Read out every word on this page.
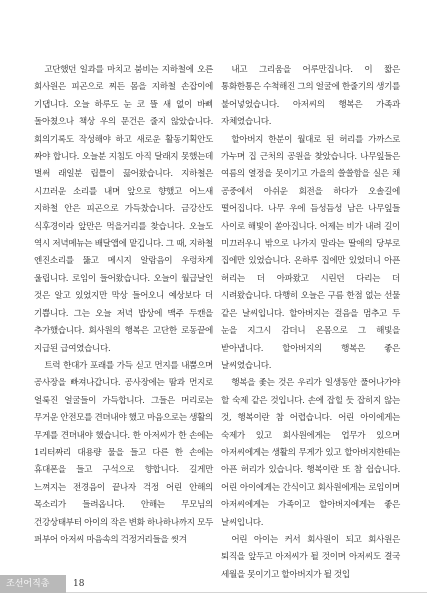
고단했던 일과를 마치고 붐비는 지하철에 오른 회사원은 피곤으로 찌든 몸을 지하철 손잡이에 기댑니다. 오늘 하루도 눈 코 뜰 새 없이 바삐 돌아쳤으나 책상 우의 문건은 줄지 않았습니다. 회의기록도 작성해야 하고 새로운 활동기획안도 짜야 합니다. 오늘분 지침도 아직 달래지 못했는데 벌써 래일분 립틀이 끓어왔습니다. 지하철은 시끄러운 소리를 내며 앞으로 향했고 어느새 지하철 안은 피곤으로 가득찼습니다. 금강산도 식후경이라 앞만은 먹을거리를 찾습니다. 오늘도 역시 저녁메뉴는 배달앱에 맡깁니다. 그 때, 지하철 엔진소리를 뚫고 메시지 알람음이 우렁차게 울립니다. 로임이 들어왔습니다. 오늘이 월급날인 것은 알고 있었지만 막상 들어오니 예상보다 더 기쁩니다. 그는 오늘 저녁 밥상에 맥주 두캔을 추가했습니다. 회사원의 행복은 고단한 로동끝에 지급된 급여였습니다.

트럭 한대가 포래를 가득 싣고 먼지를 내뿜으며 공사장을 빠져나갑니다. 공사장에는 땀과 먼지로 얼룩진 얼굴들이 가득합니다. 그들은 머리로는 무거운 안전모를 견뎌내야 했고 마음으로는 생활의 무게를 견뎌내야 했습니다. 한 아저씨가 한 손에는 1리터짜리 대용량 물을 들고 다른 한 손에는 휴대폰을 들고 구석으로 향합니다. 길게만 느껴지는 전경음이 끝나자 걱정 어린 안해의 목소리가 들려옵니다. 안해는 무모님의 건강상태부터 아이의 작은 변화 하나하나까지 모두 퍼부어 아저씨 마음속의 걱정거리들을 씻겨

내고 그리움을 어루만집니다. 이 짧은 통화한통은 수척해진 그의 얼굴에 한줄기의 생기를 불어넣었습니다. 아저씨의 행복은 가족과 자체였습니다.

할아버지 한분이 월대로 된 허리를 가까스로 가누며 집 근처의 공원을 찾았습니다. 나무잎들은 여름의 열정을 못이기고 가을의 쓸쓸함을 실은 채 공중에서 아쉬운 회전을 하다가 오솔길에 떨어집니다. 나무 우에 듬성듬성 남은 나무잎들 사이로 해빛이 쏟아집니다. 어제는 비가 내려 길이 미끄러우니 밖으로 나가지 말라는 딸애의 당부로 집에만 있었습니다. 온하루 집에만 있었더니 아픈 허리는 더 아파왔고 시린던 다리는 더 시려왔습니다. 다행히 오늘은 구름 한점 없는 선물 같은 날씨입니다. 할아버지는 걸음을 멈추고 두 눈을 지그시 감더니 온몸으로 그 해빛을 받아냅니다. 할아버지의 행복은 좋은 날씨였습니다.

행복을 좇는 것은 우리가 일생동안 풀어나가야 할 숙제 같은 것입니다. 손에 잡힐 듯 잡히지 않는 것, 행복이란 참 어렵습니다. 어린 아이에게는 숙제가 있고 회사원에게는 업무가 있으며 아저씨에게는 생활의 무게가 있고 할아버지한테는 아픈 허리가 있습니다. 행복이란 또 참 쉽습니다. 어린 아이에게는 간식이고 회사원에게는 로임이며 아저씨에게는 가족이고 할아버지에게는 좋은 날씨입니다.

어린 아이는 커서 회사원이 되고 회사원은 퇴직을 앞두고 아저씨가 될 것이며 아저씨도 결국 세월을 못이기고 할아버지가 될 것입

조선어직총	18
